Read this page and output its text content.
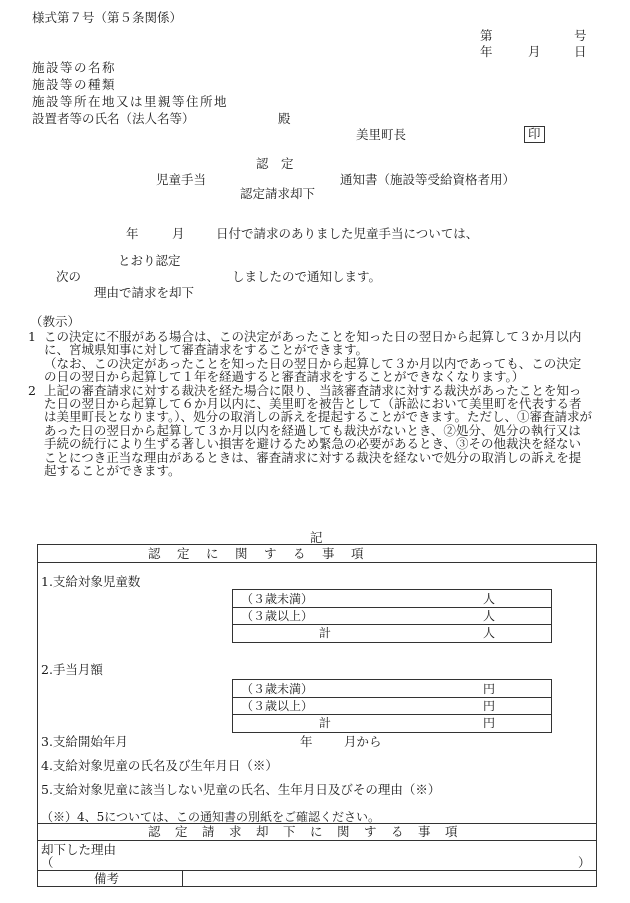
様式第７号（第５条関係）
第	号
年	月	日
施設等の名称
施設等の種類
施設等所在地又は里親等住所地
設置者等の氏名（法人名等）	殿
美里町長	印
認　定
児童手当	通知書（施設等受給資格者用）
認定請求却下
年	月	日付で請求のありました児童手当については、
とおり認定
次の	しましたので通知します。
理由で請求を却下
（教示）
1 この決定に不服がある場合は、この決定があったことを知った日の翌日から起算して３か月以内に、宮城県知事に対して審査請求をすることができます。
（なお、この決定があったことを知った日の翌日から起算して３か月以内であっても、この決定の日の翌日から起算して１年を経過すると審査請求をすることができなくなります。）
2 上記の審査請求に対する裁決を経た場合に限り、当該審査請求に対する裁決があったことを知った日の翌日から起算して６か月以内に、美里町を被告として（訴訟において美里町を代表する者は美里町長となります。）、処分の取消しの訴えを提起することができます。ただし、①審査請求があった日の翌日から起算して３か月以内を経過しても裁決がないとき、②処分、処分の執行又は手続の続行により生ずる著しい損害を避けるため緊急の必要があるとき、③その他裁決を経ないことにつき正当な理由があるときは、審査請求に対する裁決を経ないで処分の取消しの訴えを提起することができます。
記
認　定　に　関　す　る　事　項
1.支給対象児童数
（３歳未満）	人
（３歳以上）	人
計	人
2.手当月額
（３歳未満）	円
（３歳以上）	円
計	円
3.支給開始年月	年	月から
4.支給対象児童の氏名及び生年月日（※）
5.支給対象児童に該当しない児童の氏名、生年月日及びその理由（※）
（※）4、5については、この通知書の別紙をご確認ください。
認　定　請　求　却　下　に　関　す　る　事　項
却下した理由
（	）
備考
